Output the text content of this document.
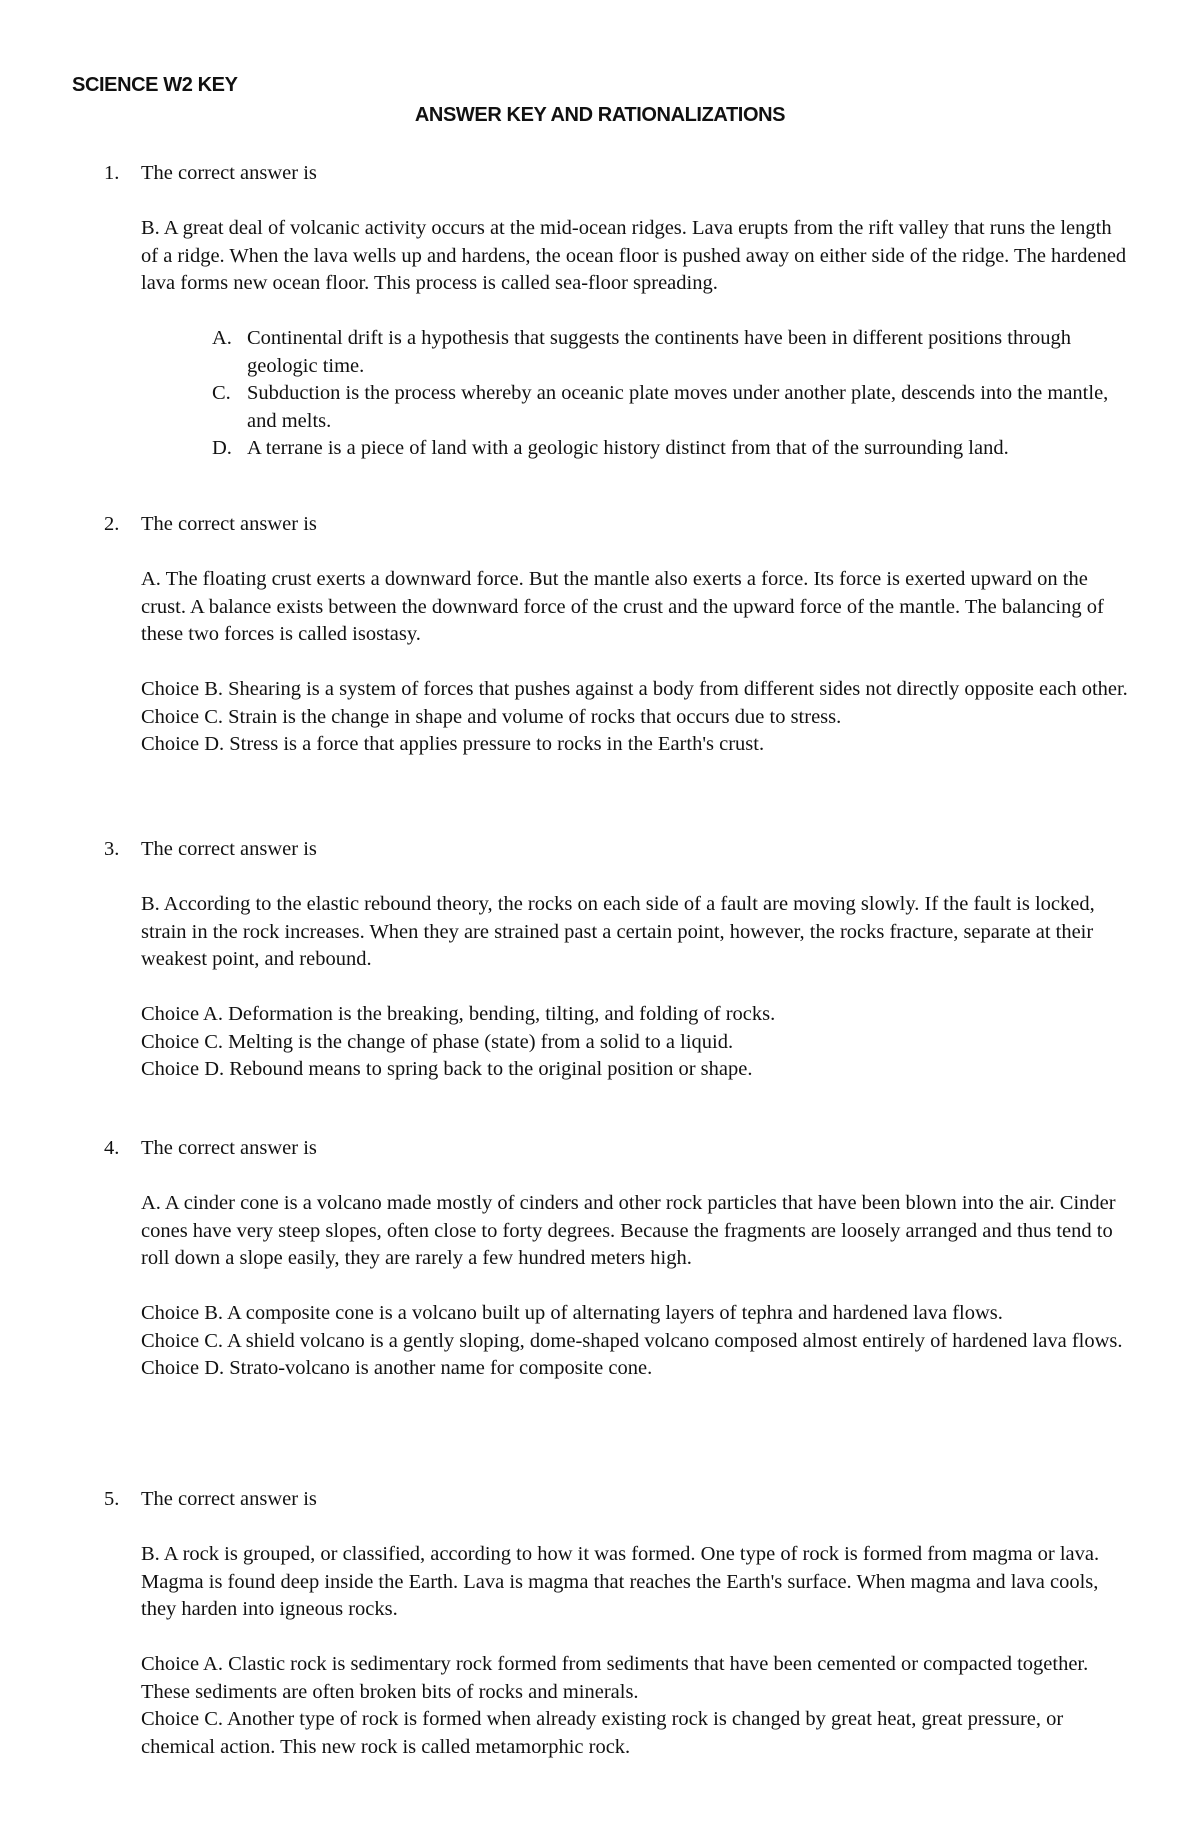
SCIENCE W2 KEY
ANSWER KEY AND RATIONALIZATIONS
1. The correct answer is
B. A great deal of volcanic activity occurs at the mid-ocean ridges. Lava erupts from the rift valley that runs the length of a ridge. When the lava wells up and hardens, the ocean floor is pushed away on either side of the ridge. The hardened lava forms new ocean floor. This process is called sea-floor spreading.
A. Continental drift is a hypothesis that suggests the continents have been in different positions through geologic time.
C. Subduction is the process whereby an oceanic plate moves under another plate, descends into the mantle, and melts.
D. A terrane is a piece of land with a geologic history distinct from that of the surrounding land.
2. The correct answer is
A. The floating crust exerts a downward force. But the mantle also exerts a force. Its force is exerted upward on the crust. A balance exists between the downward force of the crust and the upward force of the mantle. The balancing of these two forces is called isostasy.
Choice B. Shearing is a system of forces that pushes against a body from different sides not directly opposite each other.
Choice C. Strain is the change in shape and volume of rocks that occurs due to stress.
Choice D. Stress is a force that applies pressure to rocks in the Earth's crust.
3. The correct answer is
B. According to the elastic rebound theory, the rocks on each side of a fault are moving slowly. If the fault is locked, strain in the rock increases. When they are strained past a certain point, however, the rocks fracture, separate at their weakest point, and rebound.
Choice A. Deformation is the breaking, bending, tilting, and folding of rocks.
Choice C. Melting is the change of phase (state) from a solid to a liquid.
Choice D. Rebound means to spring back to the original position or shape.
4. The correct answer is
A. A cinder cone is a volcano made mostly of cinders and other rock particles that have been blown into the air. Cinder cones have very steep slopes, often close to forty degrees. Because the fragments are loosely arranged and thus tend to roll down a slope easily, they are rarely a few hundred meters high.
Choice B. A composite cone is a volcano built up of alternating layers of tephra and hardened lava flows.
Choice C. A shield volcano is a gently sloping, dome-shaped volcano composed almost entirely of hardened lava flows.
Choice D. Strato-volcano is another name for composite cone.
5. The correct answer is
B. A rock is grouped, or classified, according to how it was formed. One type of rock is formed from magma or lava. Magma is found deep inside the Earth. Lava is magma that reaches the Earth's surface. When magma and lava cools, they harden into igneous rocks.
Choice A. Clastic rock is sedimentary rock formed from sediments that have been cemented or compacted together. These sediments are often broken bits of rocks and minerals.
Choice C. Another type of rock is formed when already existing rock is changed by great heat, great pressure, or chemical action. This new rock is called metamorphic rock.
